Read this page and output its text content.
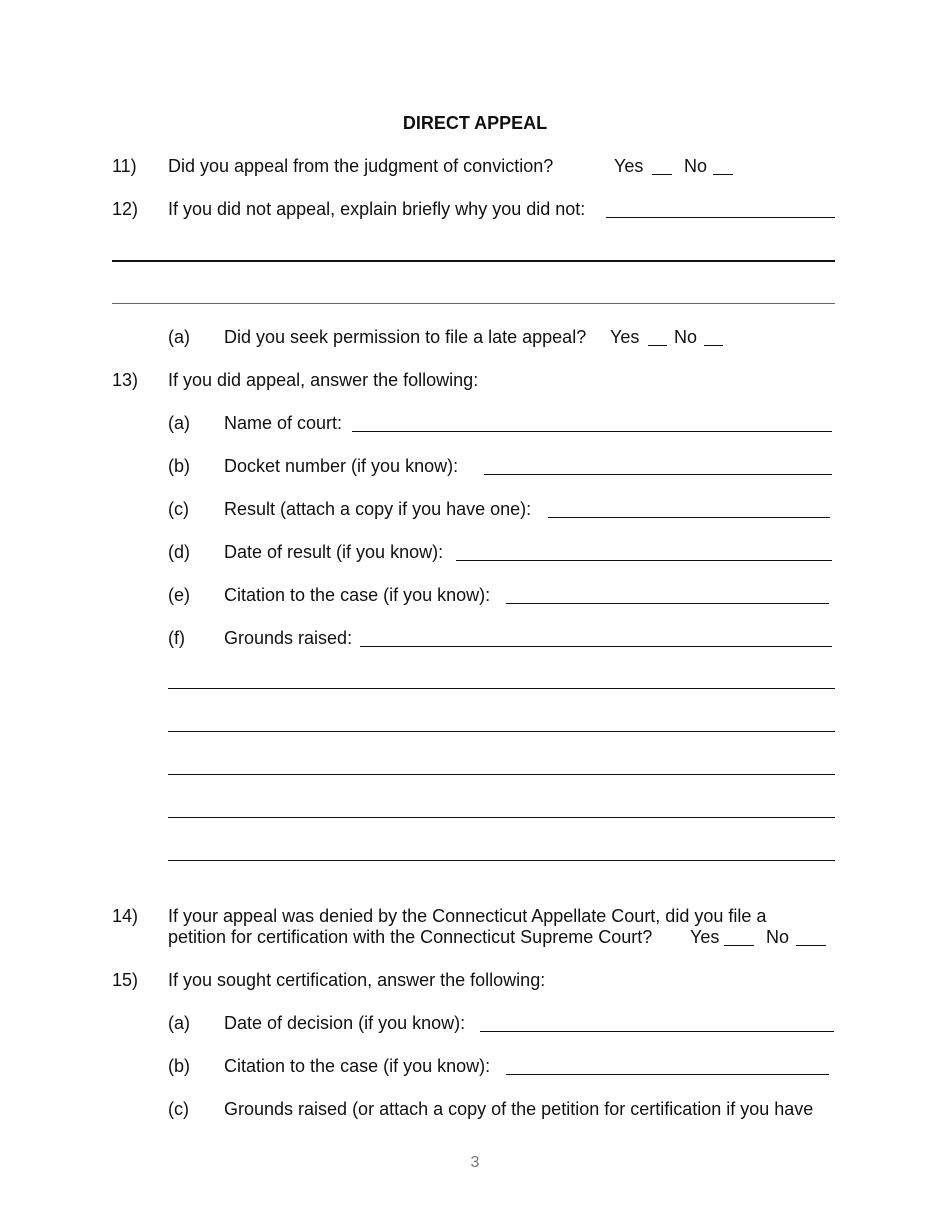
DIRECT APPEAL
11) Did you appeal from the judgment of conviction?	Yes No
12) If you did not appeal, explain briefly why you did not:
(a) Did you seek permission to file a late appeal? Yes No
13) If you did appeal, answer the following:
(a) Name of court:
(b) Docket number (if you know):
(c) Result (attach a copy if you have one):
(d) Date of result (if you know):
(e) Citation to the case (if you know):
(f) Grounds raised:
14) If your appeal was denied by the Connecticut Appellate Court, did you file a
petition for certification with the Connecticut Supreme Court? Yes	No
15) If you sought certification, answer the following:
(a) Date of decision (if you know):
(b) Citation to the case (if you know):
(c) Grounds raised (or attach a copy of the petition for certification if you have
3
